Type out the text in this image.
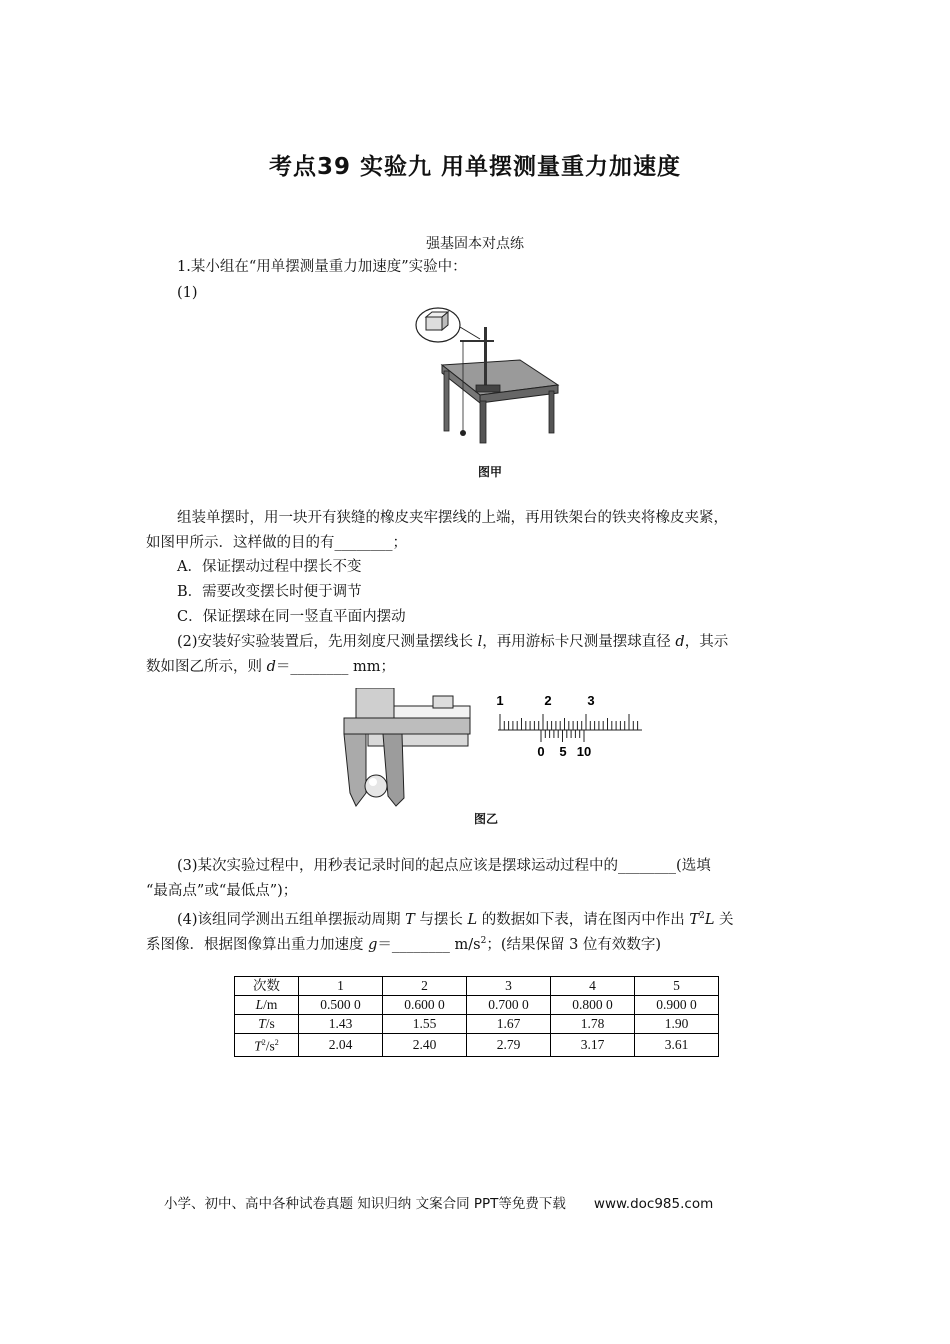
考点39 实验九 用单摆测量重力加速度
强基固本对点练
1.某小组在“用单摆测量重力加速度”实验中：
(1)
图甲
组装单摆时，用一块开有狭缝的橡皮夹牢摆线的上端，再用铁架台的铁夹将橡皮夹紧，
如图甲所示．这样做的目的有________；
A．保证摆动过程中摆长不变
B．需要改变摆长时便于调节
C．保证摆球在同一竖直平面内摆动
(2)安装好实验装置后，先用刻度尺测量摆线长 l，再用游标卡尺测量摆球直径 d，其示
数如图乙所示，则 d＝________ mm；
图乙
1	2	3
0 5 10
(3)某次实验过程中，用秒表记录时间的起点应该是摆球运动过程中的________(选填
“最高点”或“最低点”)；
(4)该组同学测出五组单摆振动周期 T 与摆长 L 的数据如下表，请在图丙中作出 $T^2L$ 关
系图像．根据图像算出重力加速度 g＝________ $m/s^2$；(结果保留 3 位有效数字)
次数	1	2	3	4	5
L/m	0.500 0	0.600 0	0.700 0	0.800 0	0.900 0
T/s	1.43	1.55	1.67	1.78	1.90
$T^2/s^2$	2.04	2.40	2.79	3.17	3.61
小学、初中、高中各种试卷真题 知识归纳 文案合同 PPT等免费下载 www.doc985.com
